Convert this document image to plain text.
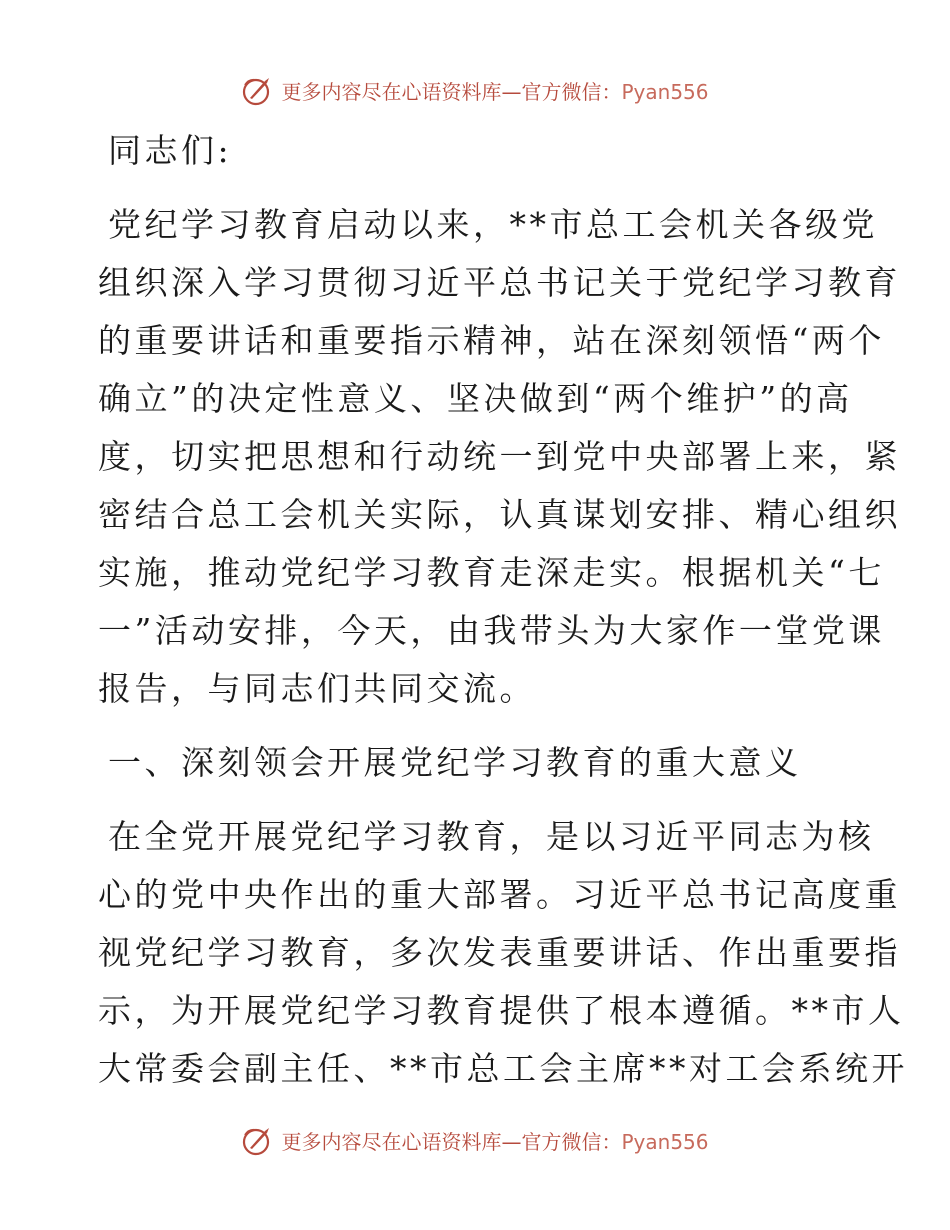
更多内容尽在心语资料库—官方微信：Pyan556
同志们:
党纪学习教育启动以来，**市总工会机关各级党
组织深入学习贯彻习近平总书记关于党纪学习教育
的重要讲话和重要指示精神，站在深刻领悟“两个
确立”的决定性意义、坚决做到“两个维护”的高
度，切实把思想和行动统一到党中央部署上来，紧
密结合总工会机关实际，认真谋划安排、精心组织
实施，推动党纪学习教育走深走实。根据机关“七
一”活动安排，今天，由我带头为大家作一堂党课
报告，与同志们共同交流。
一、深刻领会开展党纪学习教育的重大意义
在全党开展党纪学习教育，是以习近平同志为核
心的党中央作出的重大部署。习近平总书记高度重
视党纪学习教育，多次发表重要讲话、作出重要指
示，为开展党纪学习教育提供了根本遵循。**市人
大常委会副主任、**市总工会主席**对工会系统开
更多内容尽在心语资料库—官方微信：Pyan556
